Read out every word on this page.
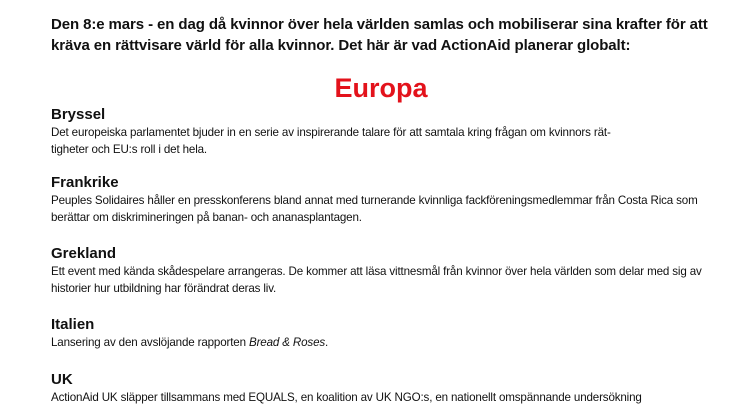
Den 8:e mars - en dag då kvinnor över hela världen samlas och mobiliserar sina krafter för att kräva en rättvisare värld för alla kvinnor. Det här är vad ActionAid planerar globalt:

Europa
Bryssel

Det europeiska parlamentet bjuder in en serie av inspirerande talare för att samtala kring frågan om kvinnors rät-
tigheter och EU:s roll i det hela.

Frankrike

Peuples Solidaires håller en presskonferens bland annat med turnerande kvinnliga fackföreningsmedlemmar från Costa Rica som berättar om diskrimineringen på banan- och ananasplantagen.

Grekland

Ett event med kända skådespelare arrangeras. De kommer att läsa vittnesmål från kvinnor över hela världen som delar med sig av historier hur utbildning har förändrat deras liv.

Italien

Lansering av den avslöjande rapporten Bread & Roses.

UK

ActionAid UK släpper tillsammans med EQUALS, en koalition av UK NGO:s, en nationellt omspännande undersökning
